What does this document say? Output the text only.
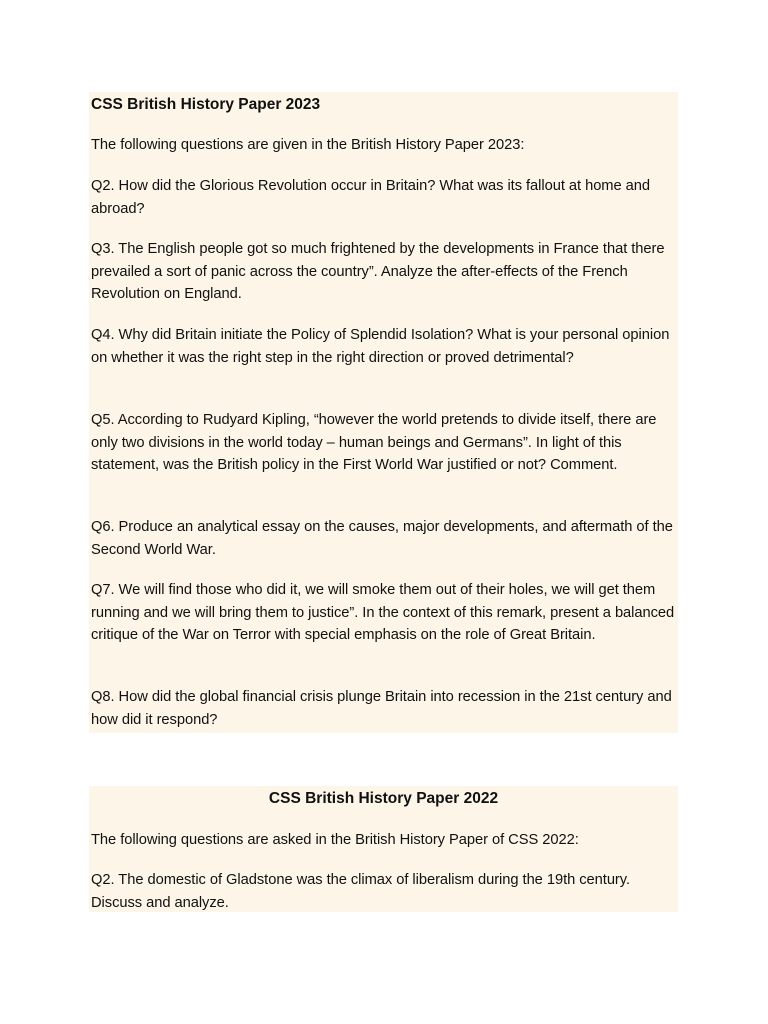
CSS British History Paper 2023

The following questions are given in the British History Paper 2023:

Q2. How did the Glorious Revolution occur in Britain? What was its fallout at home and abroad?

Q3. The English people got so much frightened by the developments in France that there prevailed a sort of panic across the country”. Analyze the after-effects of the French Revolution on England.

Q4. Why did Britain initiate the Policy of Splendid Isolation? What is your personal opinion on whether it was the right step in the right direction or proved detrimental?

Q5. According to Rudyard Kipling, “however the world pretends to divide itself, there are only two divisions in the world today – human beings and Germans”. In light of this statement, was the British policy in the First World War justified or not? Comment.

Q6. Produce an analytical essay on the causes, major developments, and aftermath of the Second World War.

Q7. We will find those who did it, we will smoke them out of their holes, we will get them running and we will bring them to justice”. In the context of this remark, present a balanced critique of the War on Terror with special emphasis on the role of Great Britain.

Q8. How did the global financial crisis plunge Britain into recession in the 21st century and how did it respond?

CSS British History Paper 2022

The following questions are asked in the British History Paper of CSS 2022:

Q2. The domestic of Gladstone was the climax of liberalism during the 19th century. Discuss and analyze.
